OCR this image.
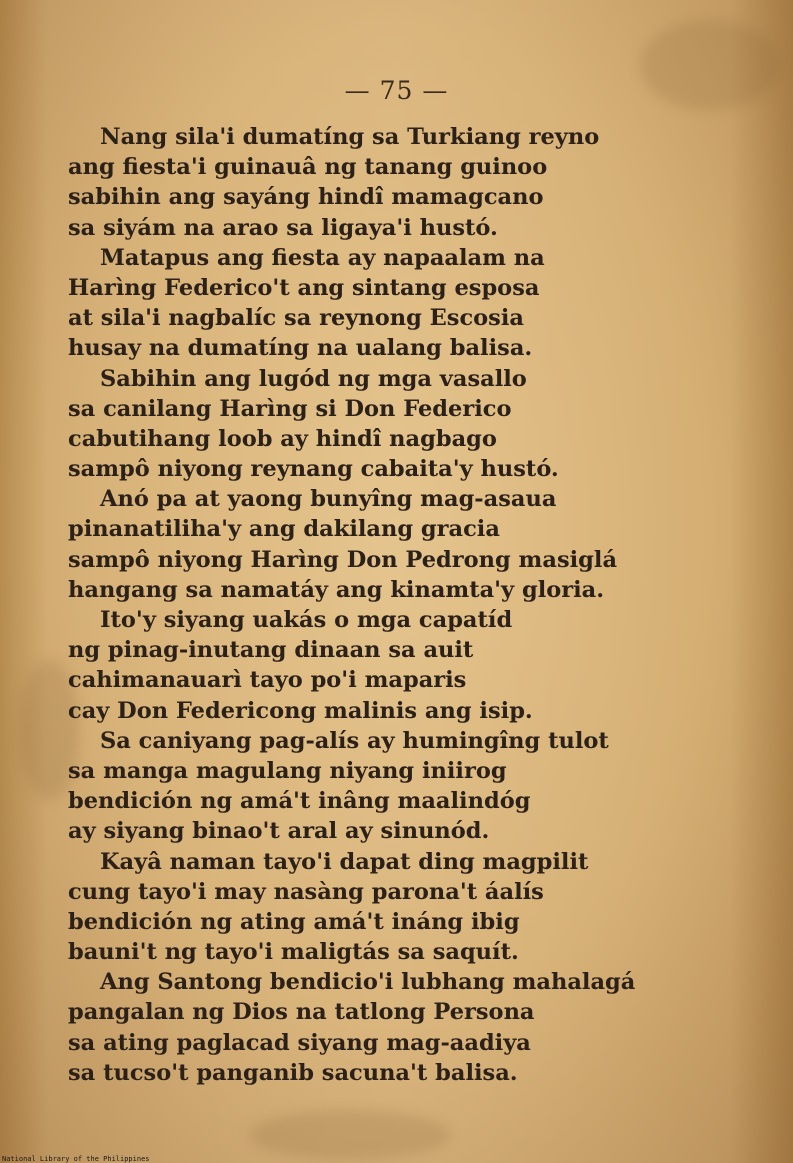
— 75 —
Nang sila'i dumatíng sa Turkiang reyno
ang fiesta'i guinauâ ng tanang guinoo
sabihin ang sayáng hindî mamagcano
sa siyám na arao sa ligaya'i hustó.
Matapus ang fiesta ay napaalam na
Harìng Federico't ang sintang esposa
at sila'i nagbalíc sa reynong Escosia
husay na dumatíng na ualang balisa.
Sabihin ang lugód ng mga vasallo
sa canilang Harìng si Don Federico
cabutihang loob ay hindî nagbago
sampô niyong reynang cabaita'y hustó.
Anó pa at yaong bunyîng mag-asaua
pinanatiliha'y ang dakilang gracia
sampô niyong Harìng Don Pedrong masiglá
hangang sa namatáy ang kinamta'y gloria.
Ito'y siyang uakás o mga capatíd
ng pinag-inutang dinaan sa auit
cahimanauarì tayo po'i maparis
cay Don Federicong malinis ang isip.
Sa caniyang pag-alís ay humingîng tulot
sa manga magulang niyang iniirog
bendición ng amá't inâng maalindóg
ay siyang binao't aral ay sinunód.
Kayâ naman tayo'i dapat ding magpilit
cung tayo'i may nasàng parona't áalís
bendición ng ating amá't ináng ibig
bauni't ng tayo'i maligtás sa saquít.
Ang Santong bendicio'i lubhang mahalagá
pangalan ng Dios na tatlong Persona
sa ating paglacad siyang mag-aadiya
sa tucso't panganib sacuna't balisa.
National Library of the Philippines
